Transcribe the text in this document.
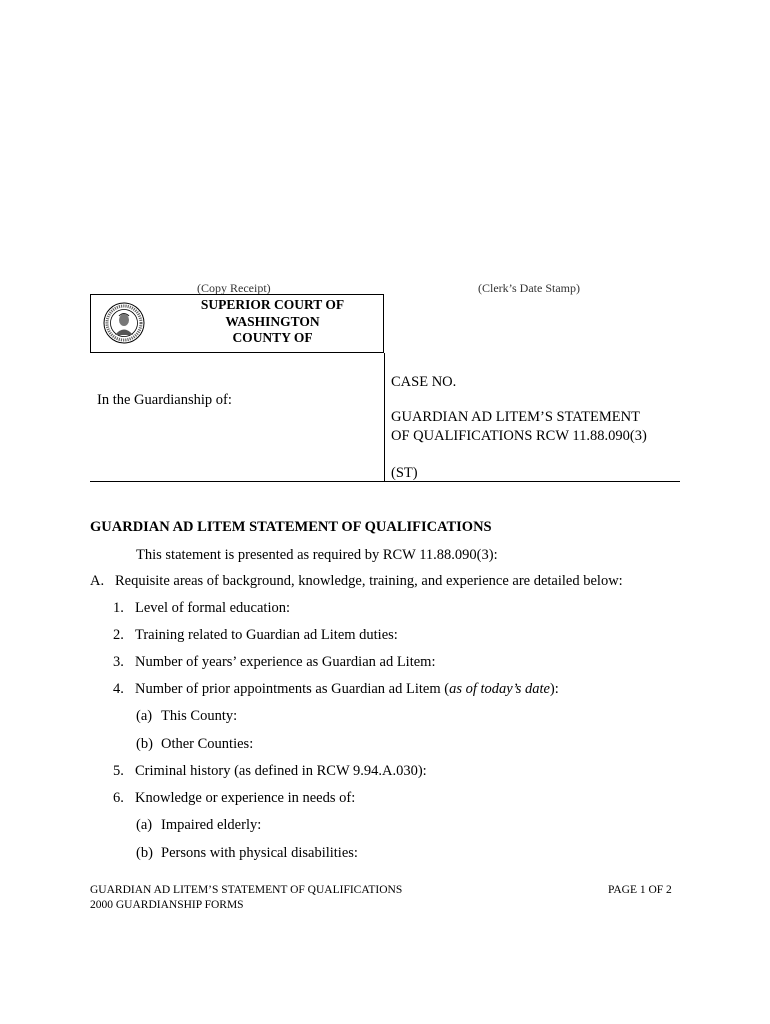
(Copy Receipt)	(Clerk’s Date Stamp)
SUPERIOR COURT OF
WASHINGTON
COUNTY OF
In the Guardianship of:
CASE NO.
GUARDIAN AD LITEM’S STATEMENT
OF QUALIFICATIONS RCW 11.88.090(3)
(ST)
GUARDIAN AD LITEM STATEMENT OF QUALIFICATIONS
This statement is presented as required by RCW 11.88.090(3):
A. Requisite areas of background, knowledge, training, and experience are detailed below:
1. Level of formal education:
2. Training related to Guardian ad Litem duties:
3. Number of years’ experience as Guardian ad Litem:
4. Number of prior appointments as Guardian ad Litem (as of today’s date):
(a) This County:
(b) Other Counties:
5. Criminal history (as defined in RCW 9.94.A.030):
6. Knowledge or experience in needs of:
(a) Impaired elderly:
(b) Persons with physical disabilities:
GUARDIAN AD LITEM’S STATEMENT OF QUALIFICATIONS
2000 GUARDIANSHIP FORMS
PAGE 1 OF 2
